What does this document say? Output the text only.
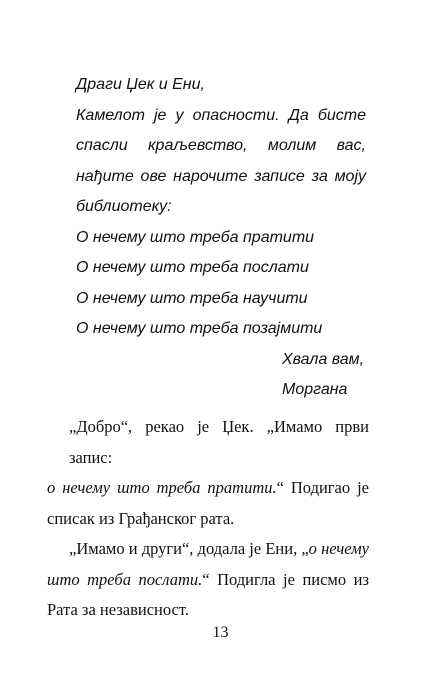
Драги Џек и Ени,
Камелот је у опасности. Да бисте
спасли краљевство, молим вас,
нађите ове нарочите записе за моју
библиотеку:
О нечему што треба пратити
О нечему што треба послати
О нечему што треба научити
О нечему што треба позајмити
Хвала вам,
Моргана
„Добро“, рекао је Џек. „Имамо први запис:
о нечему што треба пратити.“ Подигао је
списак из Грађанског рата.
„Имамо и други“, додала је Ени, „о нечему
што треба послати.“ Подигла је писмо из
Рата за независност.
13
